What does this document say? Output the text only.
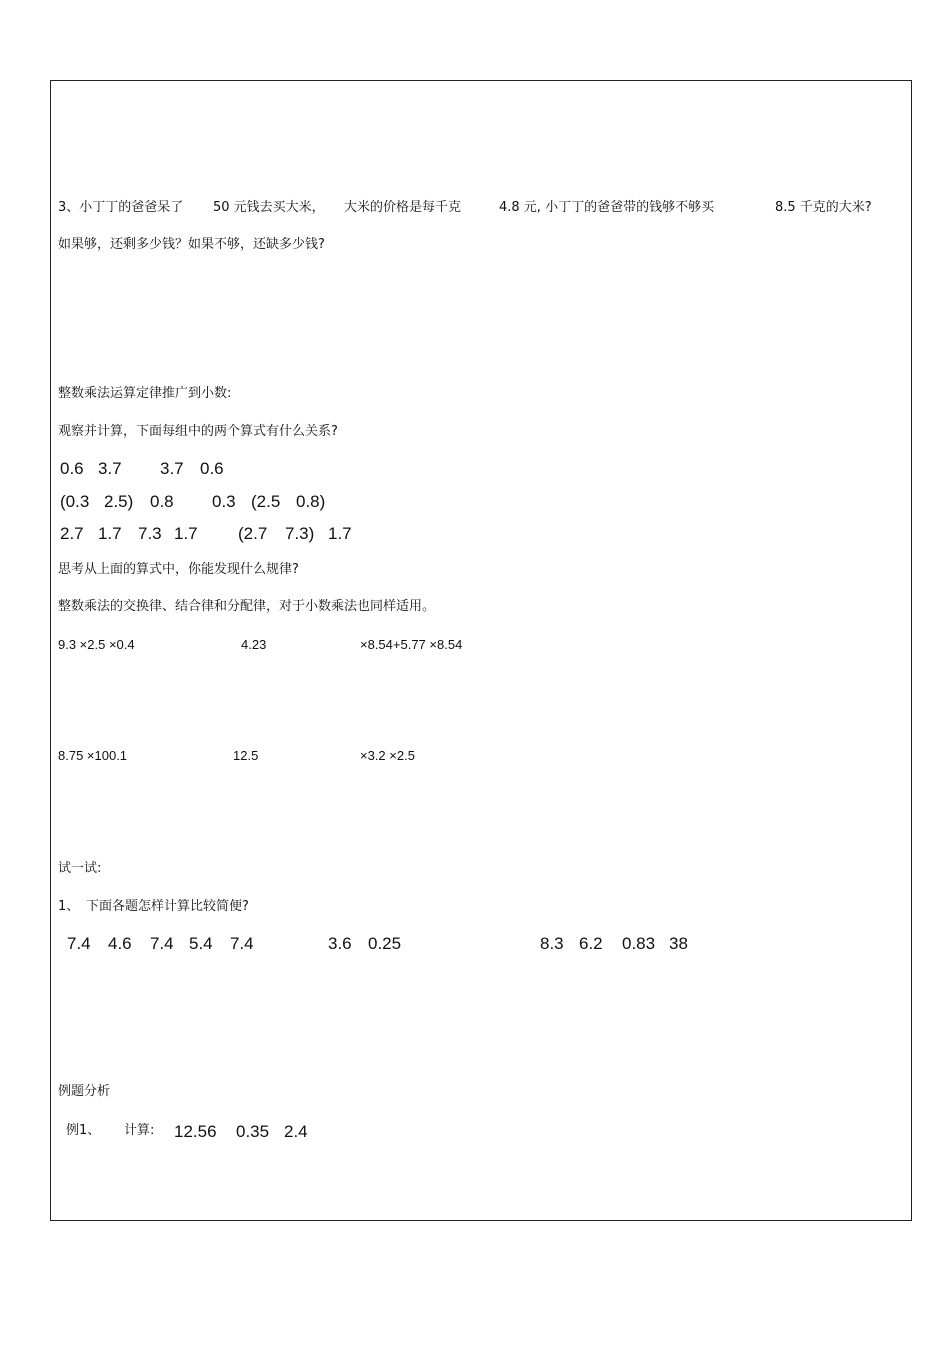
3、小丁丁的爸爸呆了 50 元钱去买大米， 大米的价格是每千克	4.8 元, 小丁丁的爸爸带的钱够不够买	8.5 千克的大米?
如果够，还剩多少钱？如果不够，还缺多少钱?
整数乘法运算定律推广到小数:
观察并计算，下面每组中的两个算式有什么关系?
0.6 3.7 3.7 0.6
(0.3 2.5) 0.8 0.3 (2.5 0.8)
2.7 1.7 7.3 1.7 (2.7 7.3) 1.7
思考从上面的算式中，你能发现什么规律?
整数乘法的交换律、结合律和分配律，对于小数乘法也同样适用。
9.3 ×2.5 ×0.4	4.23	×8.54+5.77 ×8.54
8.75 ×100.1	12.5	×3.2 ×2.5
试一试:
1、 下面各题怎样计算比较简便?
7.4 4.6 7.4 5.4 7.4	3.6 0.25	8.3 6.2 0.83 38
例题分析
例1、 计算: 12.56 0.35 2.4
